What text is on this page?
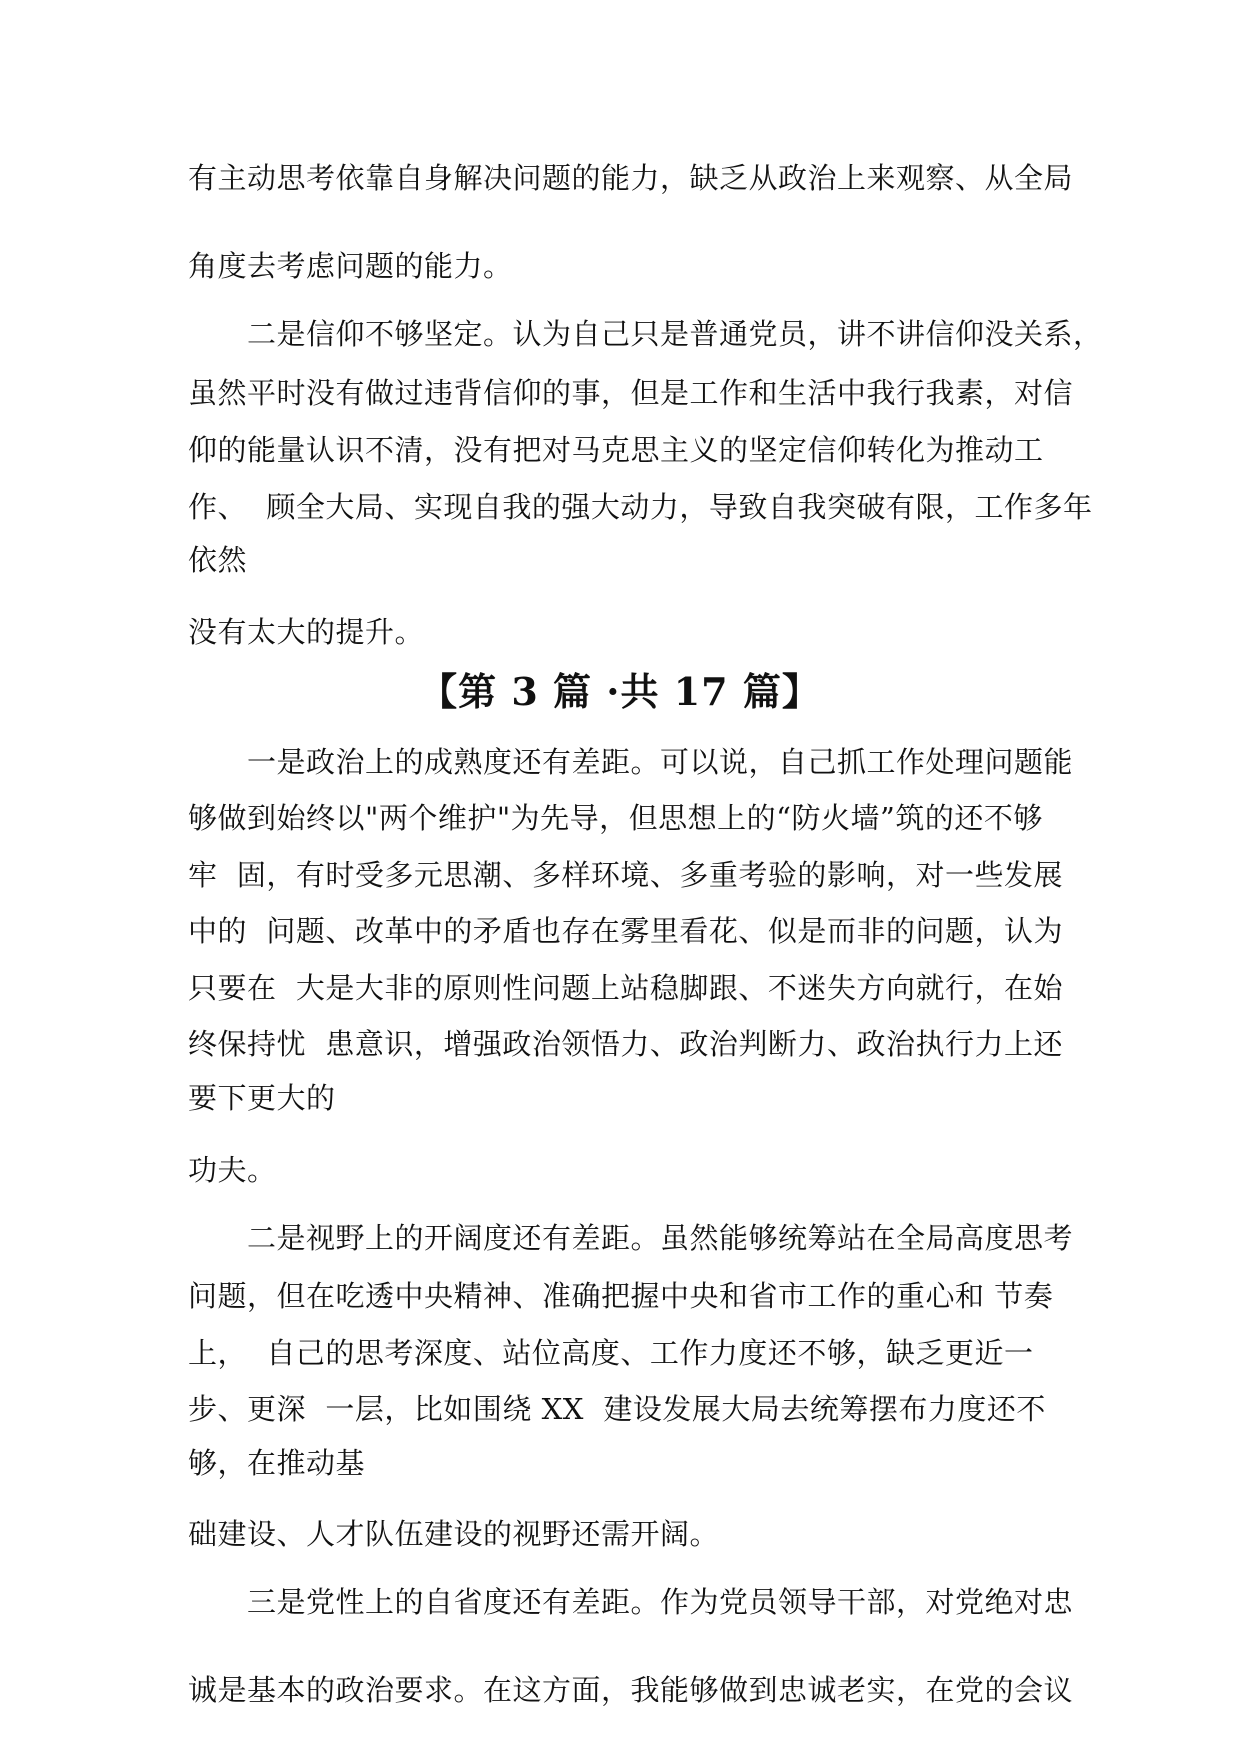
有主动思考依靠自身解决问题的能力，缺乏从政治上来观察、从全局
角度去考虑问题的能力。
　　二是信仰不够坚定。认为自己只是普通党员，讲不讲信仰没关系，
虽然平时没有做过违背信仰的事，但是工作和生活中我行我素，对信
仰的能量认识不清，没有把对马克思主义的坚定信仰转化为推动工
作、  顾全大局、实现自我的强大动力，导致自我突破有限，工作多年
依然
没有太大的提升。
【第 3 篇 ·共 17 篇】
　　一是政治上的成熟度还有差距。可以说，自己抓工作处理问题能
够做到始终以"两个维护"为先导，但思想上的“防火墙”筑的还不够
牢  固，有时受多元思潮、多样环境、多重考验的影响，对一些发展
中的  问题、改革中的矛盾也存在雾里看花、似是而非的问题，认为
只要在  大是大非的原则性问题上站稳脚跟、不迷失方向就行，在始
终保持忧  患意识，增强政治领悟力、政治判断力、政治执行力上还
要下更大的
功夫。
　　二是视野上的开阔度还有差距。虽然能够统筹站在全局高度思考
问题，但在吃透中央精神、准确把握中央和省市工作的重心和 节奏
上，  自己的思考深度、站位高度、工作力度还不够，缺乏更近一
步、更深  一层，比如围绕 XX  建设发展大局去统筹摆布力度还不
够，在推动基
础建设、人才队伍建设的视野还需开阔。
　　三是党性上的自省度还有差距。作为党员领导干部，对党绝对忠
诚是基本的政治要求。在这方面，我能够做到忠诚老实，在党的会议
